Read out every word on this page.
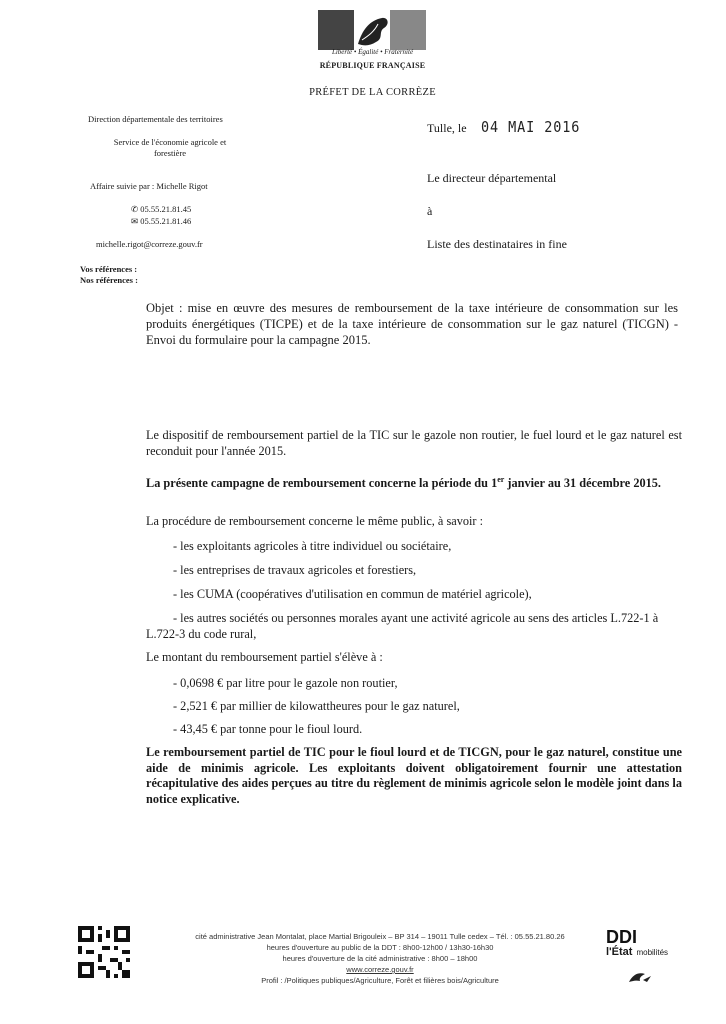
Liberté • Égalité • Fraternité
RÉPUBLIQUE FRANÇAISE
PRÉFET DE LA CORRÈZE
Direction départementale des territoires
Service de l'économie agricole et
forestière
Affaire suivie par : Michelle Rigot
✆ 05.55.21.81.45
✉ 05.55.21.81.46
michelle.rigot@correze.gouv.fr
Vos références :
Nos références :
Tulle, le 04 MAI 2016
Le directeur départemental
à
Liste des destinataires in fine
Objet : mise en œuvre des mesures de remboursement de la taxe intérieure de consommation sur les produits énergétiques (TICPE) et de la taxe intérieure de consommation sur le gaz naturel (TICGN) - Envoi du formulaire pour la campagne 2015.
Le dispositif de remboursement partiel de la TIC sur le gazole non routier, le fuel lourd et le gaz naturel est reconduit pour l'année 2015.
La présente campagne de remboursement concerne la période du 1er janvier au 31 décembre 2015.
La procédure de remboursement concerne le même public, à savoir :
- les exploitants agricoles à titre individuel ou sociétaire,
- les entreprises de travaux agricoles et forestiers,
- les CUMA (coopératives d'utilisation en commun de matériel agricole),
- les autres sociétés ou personnes morales ayant une activité agricole au sens des articles L.722-1 à L.722-3 du code rural,
Le montant du remboursement partiel s'élève à :
- 0,0698 € par litre pour le gazole non routier,
- 2,521 € par millier de kilowattheures pour le gaz naturel,
- 43,45 € par tonne pour le fioul lourd.
Le remboursement partiel de TIC pour le fioul lourd et de TICGN, pour le gaz naturel, constitue une aide de minimis agricole. Les exploitants doivent obligatoirement fournir une attestation récapitulative des aides perçues au titre du règlement de minimis agricole selon le modèle joint dans la notice explicative.
cité administrative Jean Montalat, place Martial Brigouleix – BP 314 – 19011 Tulle cedex – Tél. : 05.55.21.80.26
heures d'ouverture au public de la DDT : 8h00-12h00 / 13h30-16h30
heures d'ouverture de la cité administrative : 8h00 – 18h00
www.correze.gouv.fr
Profil : /Politiques publiques/Agriculture, Forêt et filières bois/Agriculture
DDI
l'État mobilités
